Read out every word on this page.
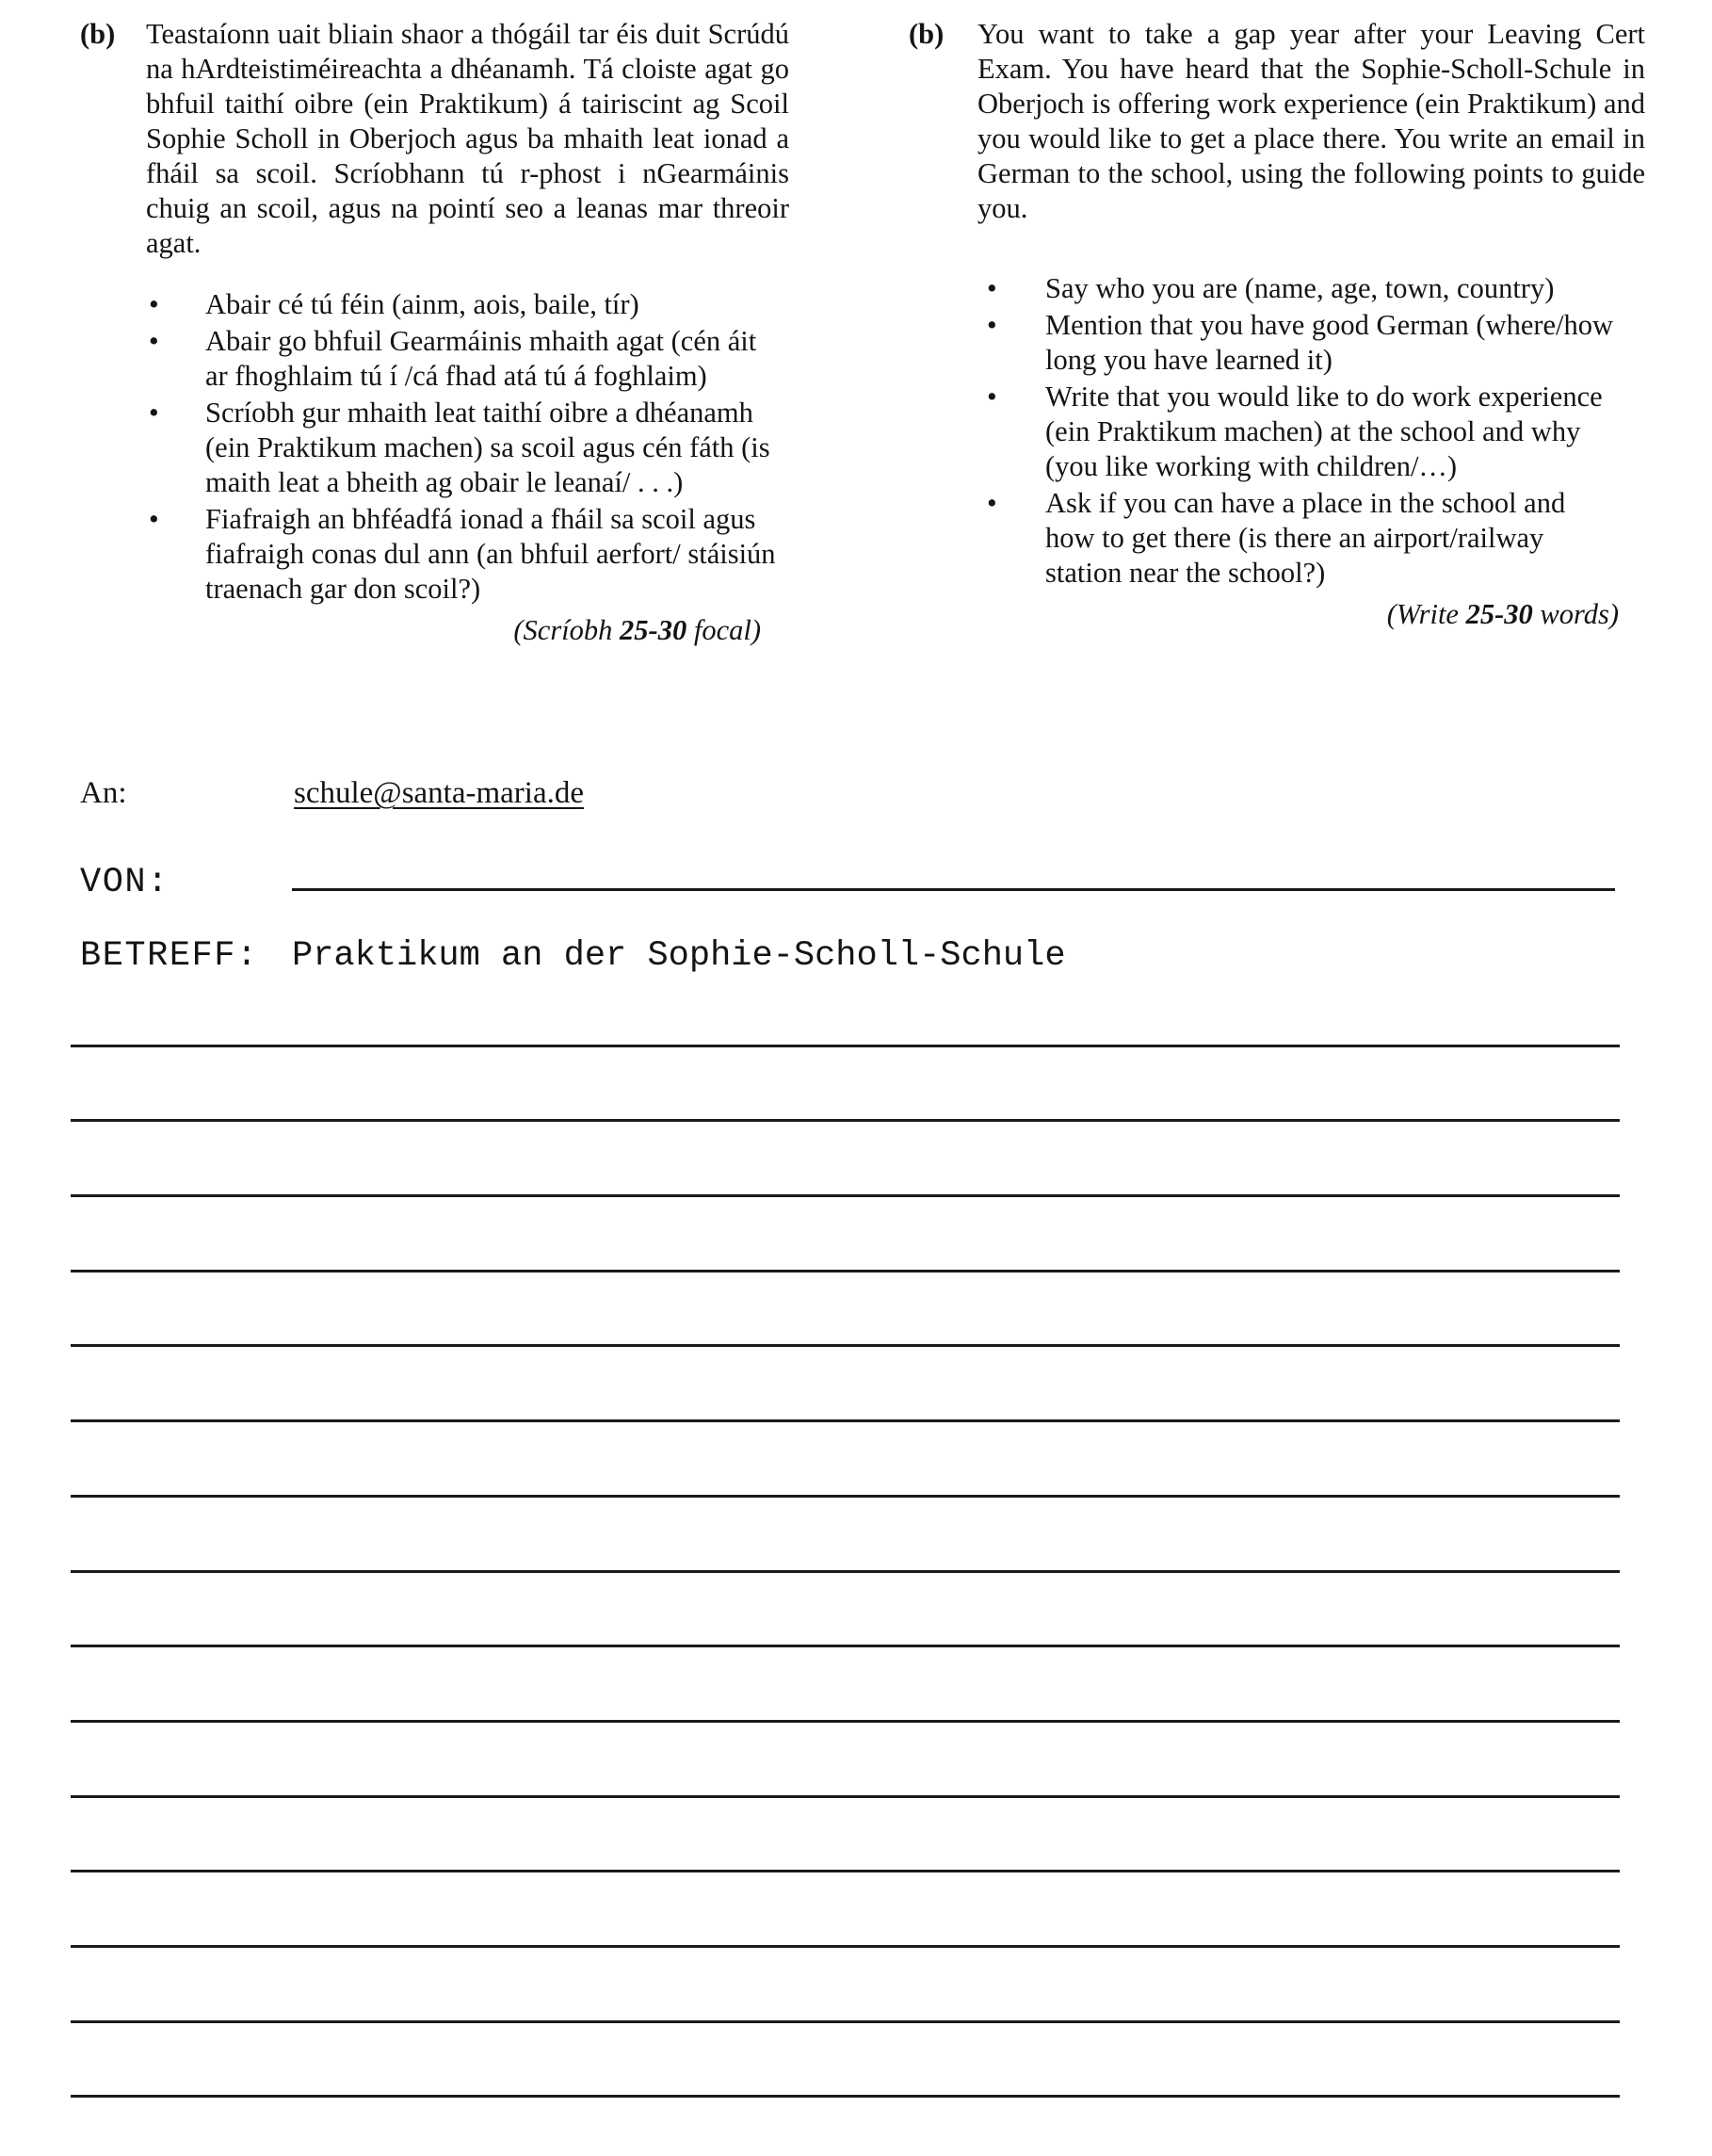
(b)	Teastaíonn uait bliain shaor a thógáil tar éis duit Scrúdú na hArdteistiméireachta a dhéanamh. Tá cloiste agat go bhfuil taithí oibre (ein Praktikum) á tairiscint ag Scoil Sophie Scholl in Oberjoch agus ba mhaith leat ionad a fháil sa scoil. Scríobhann tú r-phost i nGearmáinis chuig an scoil, agus na pointí seo a leanas mar threoir agat.

•	Abair cé tú féin (ainm, aois, baile, tír)
•	Abair go bhfuil Gearmáinis mhaith agat (cén áit ar fhoghlaim tú í /cá fhad atá tú á foghlaim)
•	Scríobh gur mhaith leat taithí oibre a dhéanamh (ein Praktikum machen) sa scoil agus cén fáth (is maith leat a bheith ag obair le leanaí/ . . .)
•	Fiafraigh an bhféadfá ionad a fháil sa scoil agus fiafraigh conas dul ann (an bhfuil aerfort/ stáisiún traenach gar don scoil?)
(Scríobh 25-30 focal)
(b)	You want to take a gap year after your Leaving Cert Exam. You have heard that the Sophie-Scholl-Schule in Oberjoch is offering work experience (ein Praktikum) and you would like to get a place there. You write an email in German to the school, using the following points to guide you.

•	Say who you are (name, age, town, country)
•	Mention that you have good German (where/how long you have learned it)
•	Write that you would like to do work experience (ein Praktikum machen) at the school and why (you like working with children/…)
•	Ask if you can have a place in the school and how to get there (is there an airport/railway station near the school?)
(Write 25-30 words)
An:	schule@santa-maria.de
VON:
BETREFF: Praktikum an der Sophie-Scholl-Schule
